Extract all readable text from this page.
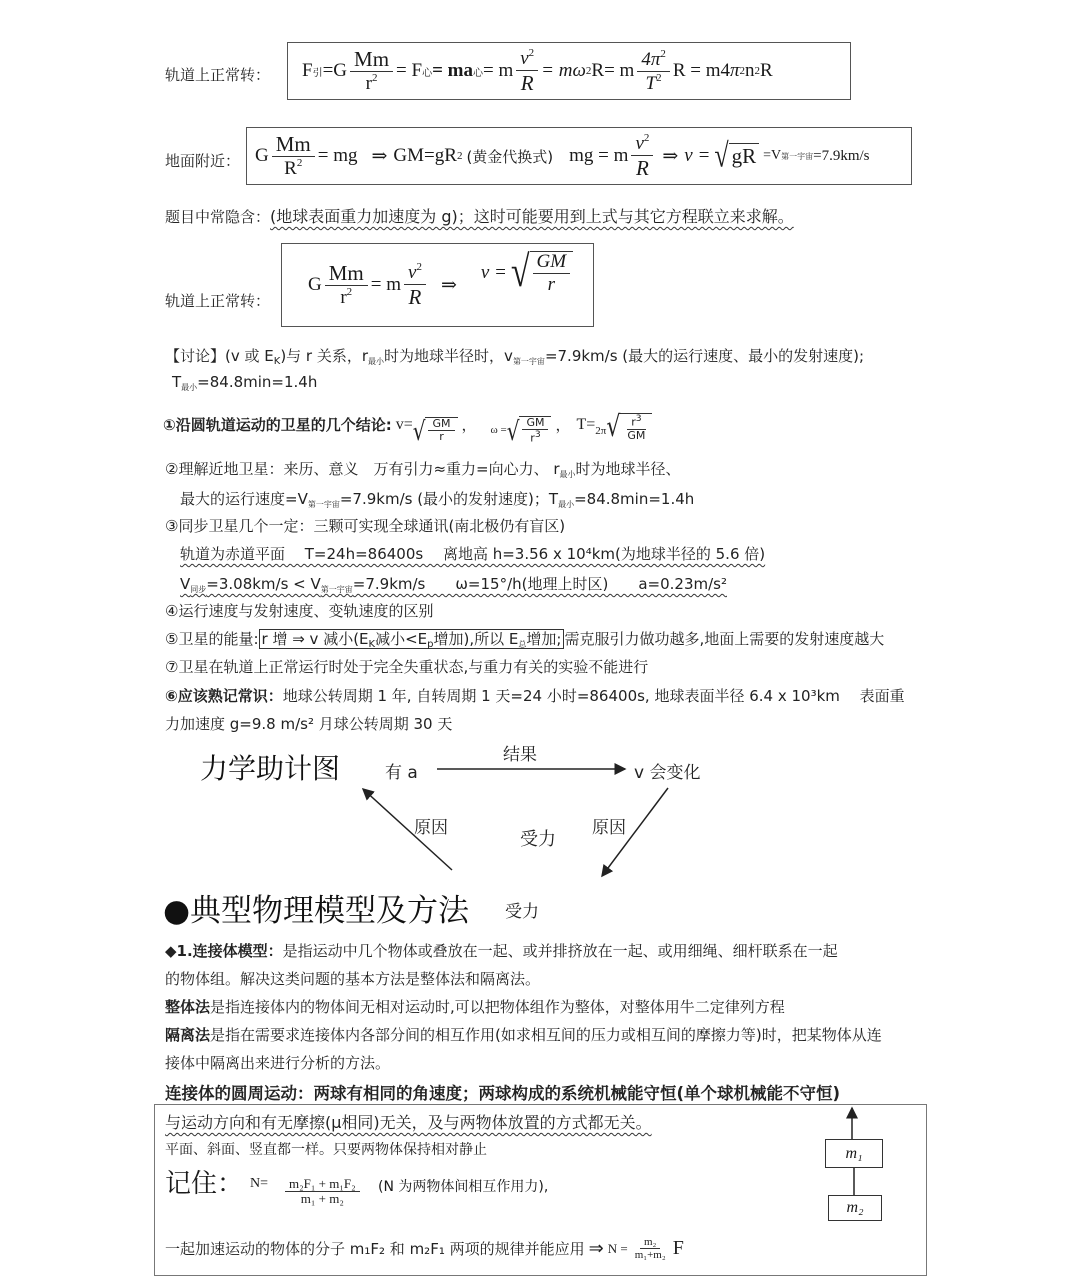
轨道上正常转： F 引 $=G \frac{Mm}{r^2} = F$ 心 = ma 心 = m $\frac{v^2}{R} = m\omega$ 2 R= m $\frac{4\pi^2}{T^2}$ R = m4 π 2 n 2 R
地面附近： G $\frac{Mm}{R^2}$ = mg ⇒ GM=gR 2 (黄金代换式) mg = m $\frac{v^2}{R}$ ⇒ v = √ gR =V 第一宇宙 =7.9km/s
题目中常隐含：(地球表面重力加速度为 g)；这时可能要用到上式与其它方程联立来求解。
轨道上正常转：
G $\frac{Mm}{r^2} = m \frac{v^2}{R}$ ⇒
v = √ $\frac{GM}{r}$
【讨论】(v 或 $E_K$)与 r 关系，$r_{最小}$时为地球半径时，$v_{第一宇宙}=7.9km/s$ (最大的运行速度、最小的发射速度);
$T_{最小}=84.8\min=1.4h$
①沿圆轨道运动的卫星的几个结论: v= √ $\frac{GM}{r}$ ， ω = √ $\frac{GM}{r^3}$ ， T= 2π √ $\frac{r^3}{GM}$
②理解近地卫星：来历、意义　万有引力≈重力=向心力、 $r_{最小}$时为地球半径、
最大的运行速度$=V_{第一宇宙}=7.9km/s$ (最小的发射速度)；$T_{最小}=84.8\min=1.4h$
③同步卫星几个一定：三颗可实现全球通讯(南北极仍有盲区)
轨道为赤道平面　 T=24h=86400s　 离地高 h=3.56 x 10⁴km(为地球半径的 5.6 倍)
$V_{同步}=3.08km/s < V_{第一宇宙}=7.9km/s$　　ω=15°/h(地理上时区)　　a=0.23m/s²
④运行速度与发射速度、变轨速度的区别
⑤卫星的能量: r 增 ⇒ v 减小($E_K$减小$<E_p$增加),所以 $E_总$增加; 需克服引力做功越多,地面上需要的发射速度越大
⑦卫星在轨道上正常运行时处于完全失重状态,与重力有关的实验不能进行
⑥应该熟记常识：地球公转周期 1 年, 自转周期 1 天=24 小时=86400s, 地球表面半径 6.4 x 10³km　 表面重
力加速度 g=9.8 m/s² 月球公转周期 30 天
力学助计图	有 a	v 会变化
结果
原因	原因
受力
●典型物理模型及方法 受力
◆1.连接体模型：是指运动中几个物体或叠放在一起、或并排挤放在一起、或用细绳、细杆联系在一起
的物体组。解决这类问题的基本方法是整体法和隔离法。
整体法是指连接体内的物体间无相对运动时,可以把物体组作为整体，对整体用牛二定律列方程
隔离法是指在需要求连接体内各部分间的相互作用(如求相互间的压力或相互间的摩擦力等)时，把某物体从连
接体中隔离出来进行分析的方法。
连接体的圆周运动：两球有相同的角速度；两球构成的系统机械能守恒(单个球机械能不守恒)
与运动方向和有无摩擦(μ相同)无关，及与两物体放置的方式都无关。
平面、斜面、竖直都一样。只要两物体保持相对静止
记住： $N= \frac{\text{m₂F₁ + m₁F₂}}{\text{m₁ + m₂}} (N$ 为两物体间相互作用力),
一起加速运动的物体的分子 m₁F₂ 和 m₂F₁ 两项的规律并能应用 ⇒ $N = \frac{\text{m₂}}{\text{m₁+m₂}}$ F
m₁
m₂
